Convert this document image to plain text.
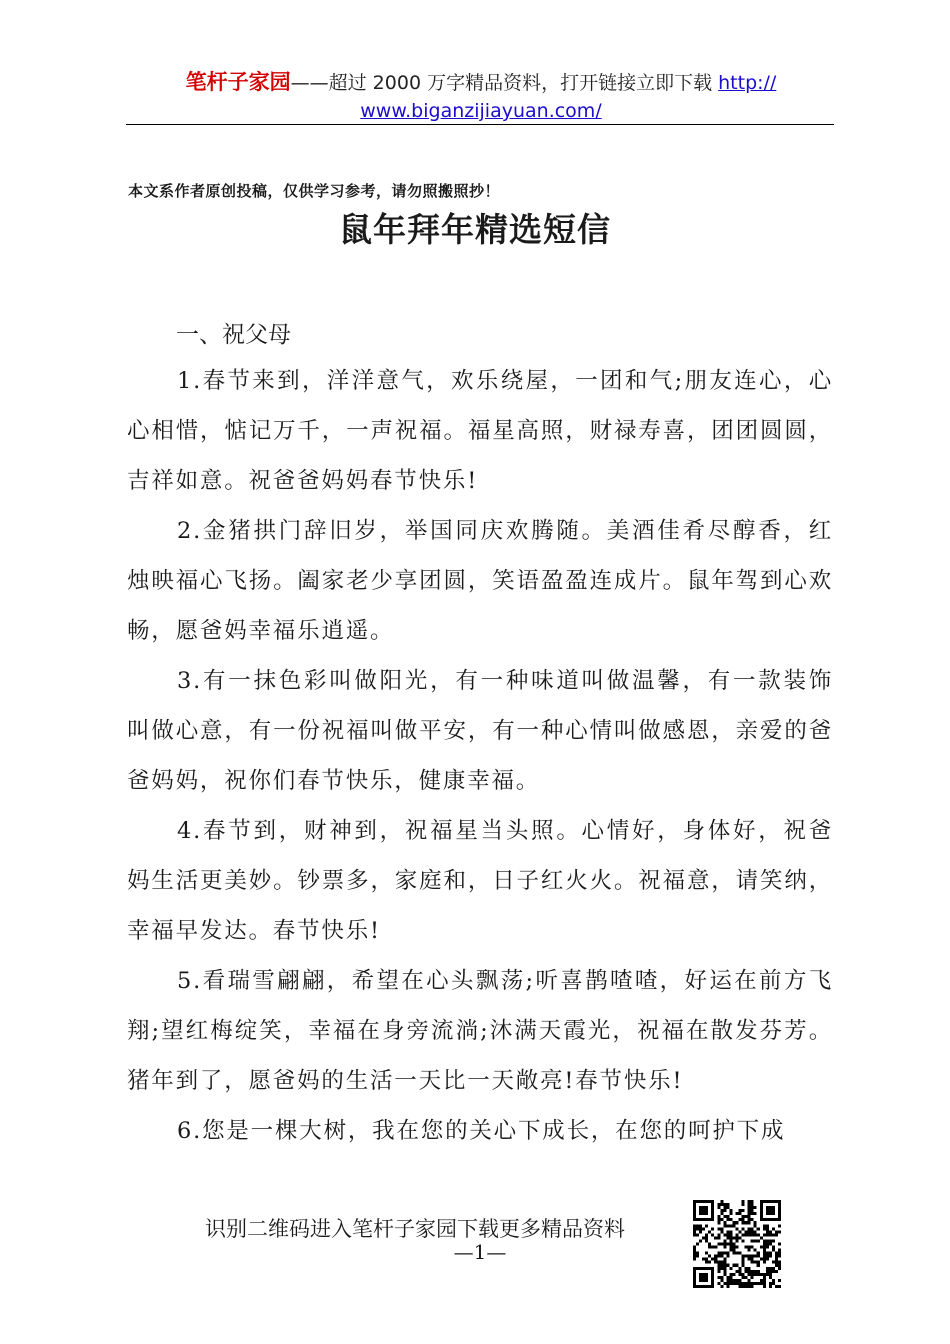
笔杆子家园——超过 2000 万字精品资料，打开链接立即下载 http://
www.biganzijiayuan.com/
本文系作者原创投稿，仅供学习参考，请勿照搬照抄！
鼠年拜年精选短信
一、祝父母

1.春节来到，洋洋意气，欢乐绕屋，一团和气;朋友连心，心心相惜，惦记万千，一声祝福。福星高照，财禄寿喜，团团圆圆，吉祥如意。祝爸爸妈妈春节快乐!

2.金猪拱门辞旧岁，举国同庆欢腾随。美酒佳肴尽醇香，红烛映福心飞扬。阖家老少享团圆，笑语盈盈连成片。鼠年驾到心欢畅，愿爸妈幸福乐逍遥。

3.有一抹色彩叫做阳光，有一种味道叫做温馨，有一款装饰叫做心意，有一份祝福叫做平安，有一种心情叫做感恩，亲爱的爸爸妈妈，祝你们春节快乐，健康幸福。

4.春节到，财神到，祝福星当头照。心情好，身体好，祝爸妈生活更美妙。钞票多，家庭和，日子红火火。祝福意，请笑纳，幸福早发达。春节快乐!

5.看瑞雪翩翩，希望在心头飘荡;听喜鹊喳喳，好运在前方飞翔;望红梅绽笑，幸福在身旁流淌;沐满天霞光，祝福在散发芬芳。猪年到了，愿爸妈的生活一天比一天敞亮!春节快乐!

6.您是一棵大树，我在您的关心下成长，在您的呵护下成

识别二维码进入笔杆子家园下载更多精品资料
—1—
